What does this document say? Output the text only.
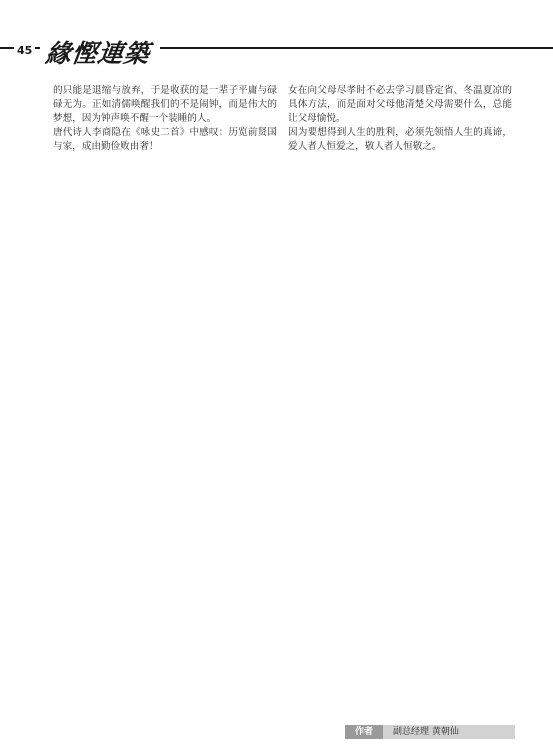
45 緣慳連築

的只能是退缩与放弃，于是收获的是一辈子平庸与碌碌无为。正如清儒唤醒我们的不是闹钟，而是伟大的梦想，因为钟声唤不醒一个装睡的人。

唐代诗人李商隐在《咏史二首》中感叹：历览前贤国与家，成由勤俭败由奢！

女在向父母尽孝时不必去学习晨昏定省、冬温夏凉的具体方法，而是面对父母他清楚父母需要什么，总能让父母愉悦。

因为要想得到人生的胜利，必须先领悟人生的真谛，爱人者人恒爱之，敬人者人恒敬之。

作者	副总经理 黄朝仙
